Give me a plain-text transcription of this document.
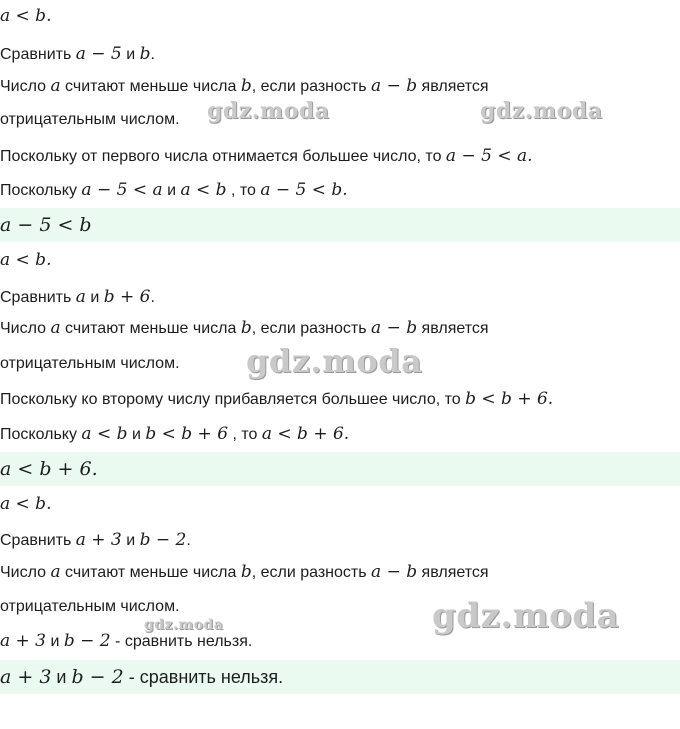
a < b.
Сравнить a − 5 и b.
Число a считают меньше числа b, если разность a − b является
отрицательным числом.
Поскольку от первого числа отнимается большее число, то a − 5 < a.
Поскольку a − 5 < a и a < b , то a − 5 < b.
a − 5 < b
a < b.
Сравнить a и b + 6.
Число a считают меньше числа b, если разность a − b является
отрицательным числом.
Поскольку ко второму числу прибавляется большее число, то b < b + 6.
Поскольку a < b и b < b + 6 , то a < b + 6.
a < b + 6.
a < b.
Сравнить a + 3 и b − 2.
Число a считают меньше числа b, если разность a − b является
отрицательным числом.
a + 3 и b − 2 - сравнить нельзя.
a + 3 и b − 2 - сравнить нельзя.
gdz.moda	gdz.moda
gdz.moda
gdz.moda
gdz.moda
